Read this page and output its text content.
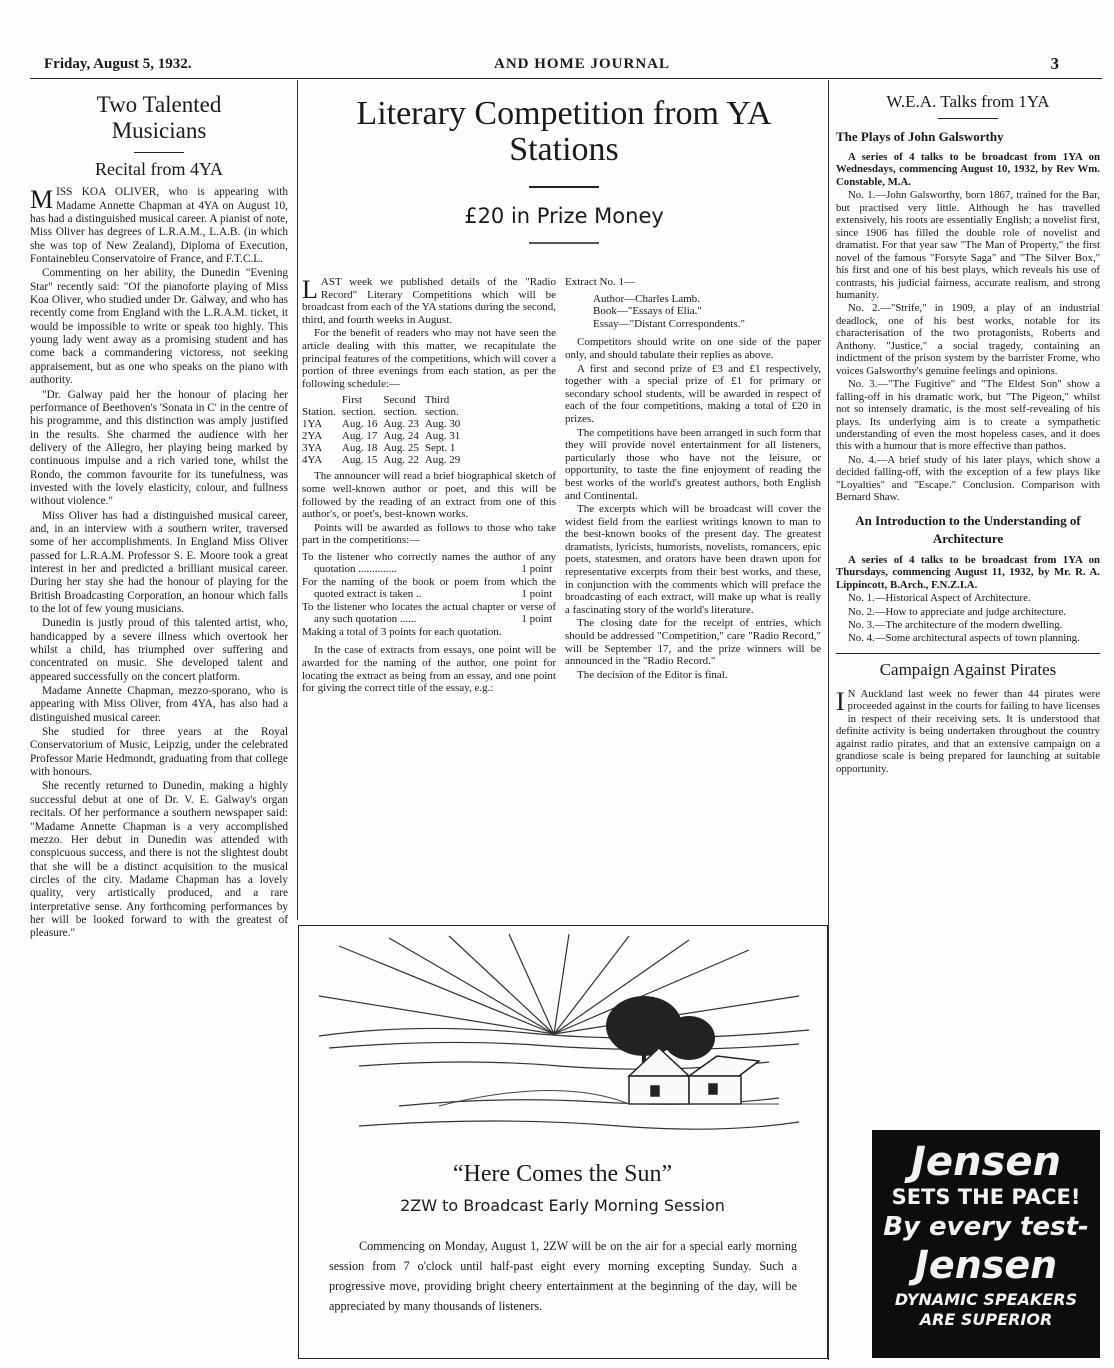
Friday, August 5, 1932.	AND HOME JOURNAL	3
Two Talented Musicians
Recital from 4YA

MISS KOA OLIVER, who is appearing with Madame Annette Chapman at 4YA on August 10, has had a distinguished musical career. A pianist of note, Miss Oliver has degrees of L.R.A.M., L.A.B. (in which she was top of New Zealand), Diploma of Execution, Fontainebleu Conservatoire of France, and F.T.C.L.

Commenting on her ability, the Dunedin "Evening Star" recently said: "Of the pianoforte playing of Miss Koa Oliver, who studied under Dr. Galway, and who has recently come from England with the L.R.A.M. ticket, it would be impossible to write or speak too highly. This young lady went away as a promising student and has come back a commandering victoress, not seeking appraisement, but as one who speaks on the piano with authority.

"Dr. Galway paid her the honour of placing her performance of Beethoven's 'Sonata in C' in the centre of his programme, and this distinction was amply justified in the results. She charmed the audience with her delivery of the Allegro, her playing being marked by continuous impulse and a rich varied tone, whilst the Rondo, the common favourite for its tunefulness, was invested with the lovely elasticity, colour, and fullness without violence."

Miss Oliver has had a distinguished musical career, and, in an interview with a southern writer, traversed some of her accomplishments. In England Miss Oliver passed for L.R.A.M. Professor S. E. Moore took a great interest in her and predicted a brilliant musical career. During her stay she had the honour of playing for the British Broadcasting Corporation, an honour which falls to the lot of few young musicians.

Dunedin is justly proud of this talented artist, who, handicapped by a severe illness which overtook her whilst a child, has triumphed over suffering and concentrated on music. She developed talent and appeared successfully on the concert platform.

Madame Annette Chapman, mezzo-sporano, who is appearing with Miss Oliver, from 4YA, has also had a distinguished musical career.

She studied for three years at the Royal Conservatorium of Music, Leipzig, under the celebrated Professor Marie Hedmondt, graduating from that college with honours.

She recently returned to Dunedin, making a highly successful debut at one of Dr. V. E. Galway's organ recitals. Of her performance a southern newspaper said: "Madame Annette Chapman is a very accomplished mezzo. Her debut in Dunedin was attended with conspicuous success, and there is not the slightest doubt that she will be a distinct acquisition to the musical circles of the city. Madame Chapman has a lovely quality, very artistically produced, and a rare interpretative sense. Any forthcoming performances by her will be looked forward to with the greatest of pleasure."

Literary Competition from YA Stations
£20 in Prize Money

LAST week we published details of the "Radio Record" Literary Competitions which will be broadcast from each of the YA stations during the second, third, and fourth weeks in August.

For the benefit of readers who may not have seen the article dealing with this matter, we recapitulate the principal features of the competitions, which will cover a portion of three evenings from each station, as per the following schedule:—

	First	Second	Third
Station.	section.	section.	section.
1YA	Aug. 16	Aug. 23	Aug. 30
2YA	Aug. 17	Aug. 24	Aug. 31
3YA	Aug. 18	Aug. 25	Sept. 1
4YA	Aug. 15	Aug. 22	Aug. 29

The announcer will read a brief biographical sketch of some well-known author or poet, and this will be followed by the reading of an extract from one of this author's, or poet's, best-known works.

Points will be awarded as follows to those who take part in the competitions:—

To the listener who correctly names the author of any quotation ..............	1 point
For the naming of the book or poem from which the quoted extract is taken ..	1 point
To the listener who locates the actual chapter or verse of any such quotation ......	1 point
Making a total of 3 points for each quotation.

In the case of extracts from essays, one point will be awarded for the naming of the author, one point for locating the extract as being from an essay, and one point for giving the correct title of the essay, e.g.:

Extract No. 1—

Author—Charles Lamb.
Book—"Essays of Elia."
Essay—"Distant Correspondents."

Competitors should write on one side of the paper only, and should tabulate their replies as above.

A first and second prize of £3 and £1 respectively, together with a special prize of £1 for primary or secondary school students, will be awarded in respect of each of the four competitions, making a total of £20 in prizes.

The competitions have been arranged in such form that they will provide novel entertainment for all listeners, particularly those who have not the leisure, or opportunity, to taste the fine enjoyment of reading the best works of the world's greatest authors, both English and Continental.

The excerpts which will be broadcast will cover the widest field from the earliest writings known to man to the best-known books of the present day. The greatest dramatists, lyricists, humorists, novelists, romancers, epic poets, statesmen, and orators have been drawn upon for representative excerpts from their best works, and these, in conjunction with the comments which will preface the broadcasting of each extract, will make up what is really a fascinating story of the world's literature.

The closing date for the receipt of entries, which should be addressed "Competition," care "Radio Record," will be September 17, and the prize winners will be announced in the "Radio Record."

The decision of the Editor is final.

“Here Comes the Sun”
2ZW to Broadcast Early Morning Session
Commencing on Monday, August 1, 2ZW will be on the air for a special early morning session from 7 o'clock until half-past eight every morning excepting Sunday. Such a progressive move, providing bright cheery entertainment at the beginning of the day, will be appreciated by many thousands of listeners.
W.E.A. Talks from 1YA
The Plays of John Galsworthy

A series of 4 talks to be broadcast from 1YA on Wednesdays, commencing August 10, 1932, by Rev Wm. Constable, M.A.

No. 1.—John Galsworthy, born 1867, trained for the Bar, but practised very little. Although he has travelled extensively, his roots are essentially English; a novelist first, since 1906 has filled the double role of novelist and dramatist. For that year saw "The Man of Property," the first novel of the famous "Forsyte Saga" and "The Silver Box," his first and one of his best plays, which reveals his use of contrasts, his judicial fairness, accurate realism, and strong humanity.

No. 2.—"Strife," in 1909, a play of an industrial deadlock, one of his best works, notable for its characterisation of the two protagonists, Roberts and Anthony. "Justice," a social tragedy, containing an indictment of the prison system by the barrister Frome, who voices Galsworthy's genuine feelings and opinions.

No. 3.—"The Fugitive" and "The Eldest Son" show a falling-off in his dramatic work, but "The Pigeon," whilst not so intensely dramatic, is the most self-revealing of his plays. Its underlying aim is to create a sympathetic understanding of even the most hopeless cases, and it does this with a humour that is more effective than pathos.

No. 4.—A brief study of his later plays, which show a decided falling-off, with the exception of a few plays like "Loyalties" and "Escape." Conclusion. Comparison with Bernard Shaw.

An Introduction to the Understanding of Architecture

A series of 4 talks to be broadcast from 1YA on Thursdays, commencing August 11, 1932, by Mr. R. A. Lippincott, B.Arch., F.N.Z.I.A.

No. 1.—Historical Aspect of Architecture.

No. 2.—How to appreciate and judge architecture.

No. 3.—The architecture of the modern dwelling.

No. 4.—Some architectural aspects of town planning.

Campaign Against Pirates

I N Auckland last week no fewer than 44 pirates were proceeded against in the courts for failing to have licenses in respect of their receiving sets. It is understood that definite activity is being undertaken throughout the country against radio pirates, and that an extensive campaign on a grandiose scale is being prepared for launching at suitable opportunity.

Jensen
SETS THE PACE!
By every test-
Jensen
DYNAMIC SPEAKERS
ARE SUPERIOR
